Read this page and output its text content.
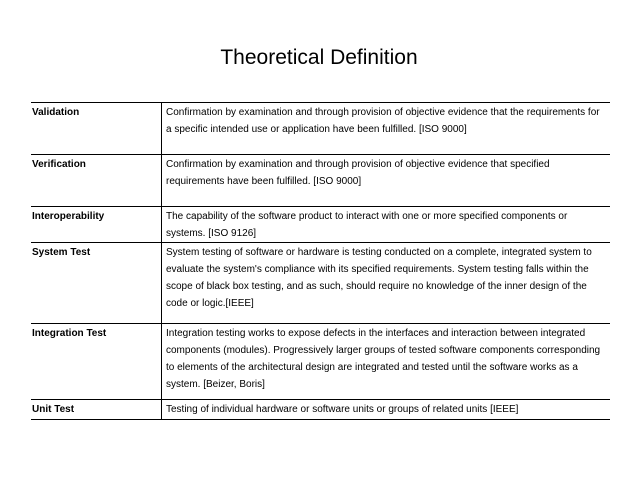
Theoretical Definition
Validation	Confirmation by examination and through provision of objective evidence that the requirements for a specific intended use or application have been fulfilled. [ISO 9000]
Verification	Confirmation by examination and through provision of objective evidence that specified requirements have been fulfilled. [ISO 9000]
Interoperability	The capability of the software product to interact with one or more specified components or systems. [ISO 9126]
System Test	System testing of software or hardware is testing conducted on a complete, integrated system to evaluate the system's compliance with its specified requirements. System testing falls within the scope of black box testing, and as such, should require no knowledge of the inner design of the code or logic.[IEEE]
Integration Test	Integration testing works to expose defects in the interfaces and interaction between integrated components (modules). Progressively larger groups of tested software components corresponding to elements of the architectural design are integrated and tested until the software works as a system. [Beizer, Boris]
Unit Test	Testing of individual hardware or software units or groups of related units [IEEE]
